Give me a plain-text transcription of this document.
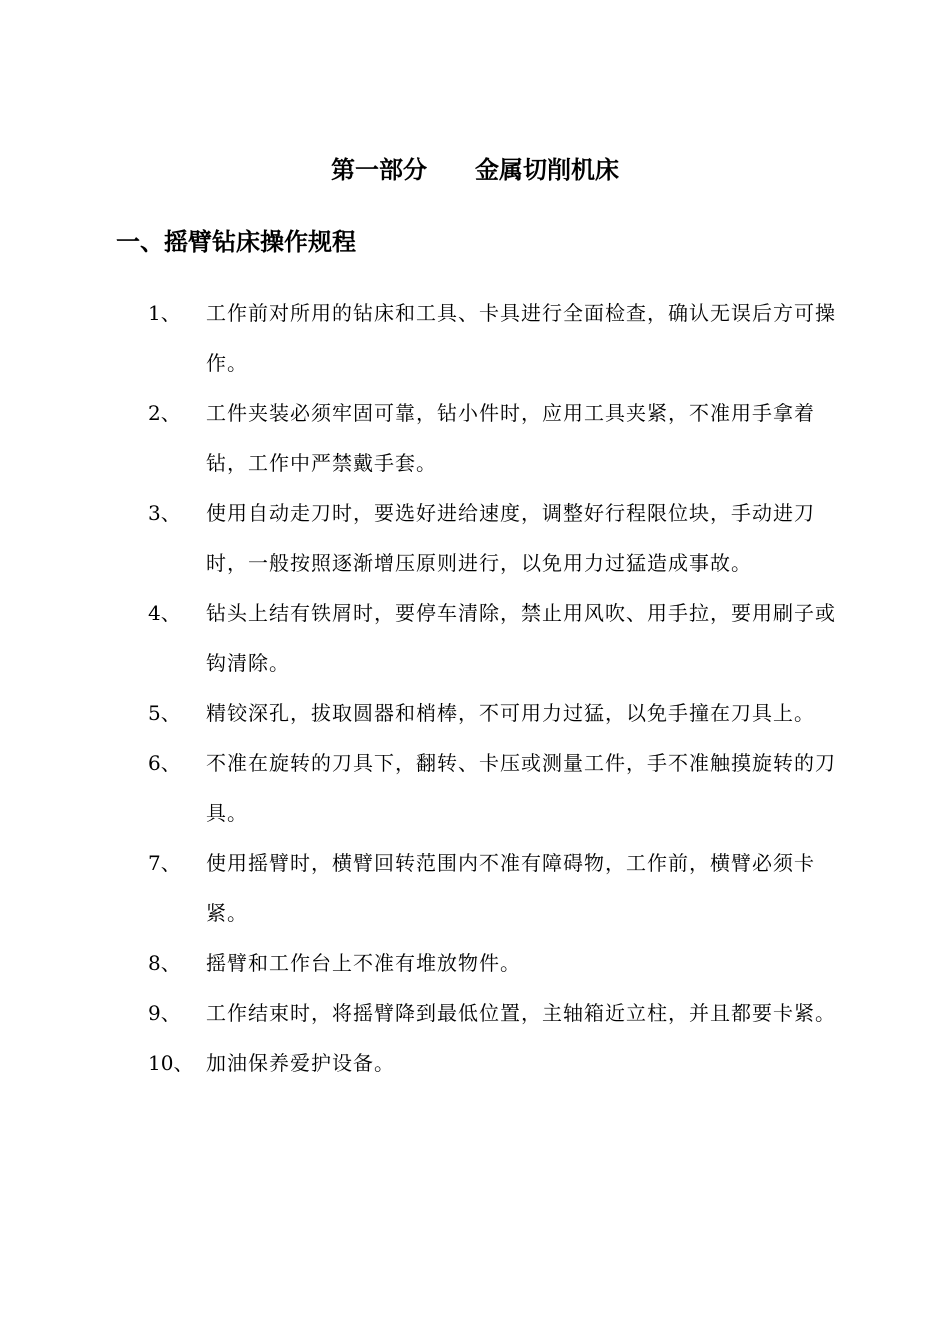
第一部分　　金属切削机床
一、摇臂钻床操作规程
1、 工作前对所用的钻床和工具、卡具进行全面检查，确认无误后方可操作。
2、 工件夹装必须牢固可靠，钻小件时，应用工具夹紧，不准用手拿着钻，工作中严禁戴手套。
3、 使用自动走刀时，要选好进给速度，调整好行程限位块，手动进刀时，一般按照逐渐增压原则进行，以免用力过猛造成事故。
4、 钻头上结有铁屑时，要停车清除，禁止用风吹、用手拉，要用刷子或钩清除。
5、 精铰深孔，拔取圆器和梢棒，不可用力过猛，以免手撞在刀具上。
6、 不准在旋转的刀具下，翻转、卡压或测量工件，手不准触摸旋转的刀具。
7、 使用摇臂时，横臂回转范围内不准有障碍物，工作前，横臂必须卡紧。
8、 摇臂和工作台上不准有堆放物件。
9、 工作结束时，将摇臂降到最低位置，主轴箱近立柱，并且都要卡紧。
10、 加油保养爱护设备。
